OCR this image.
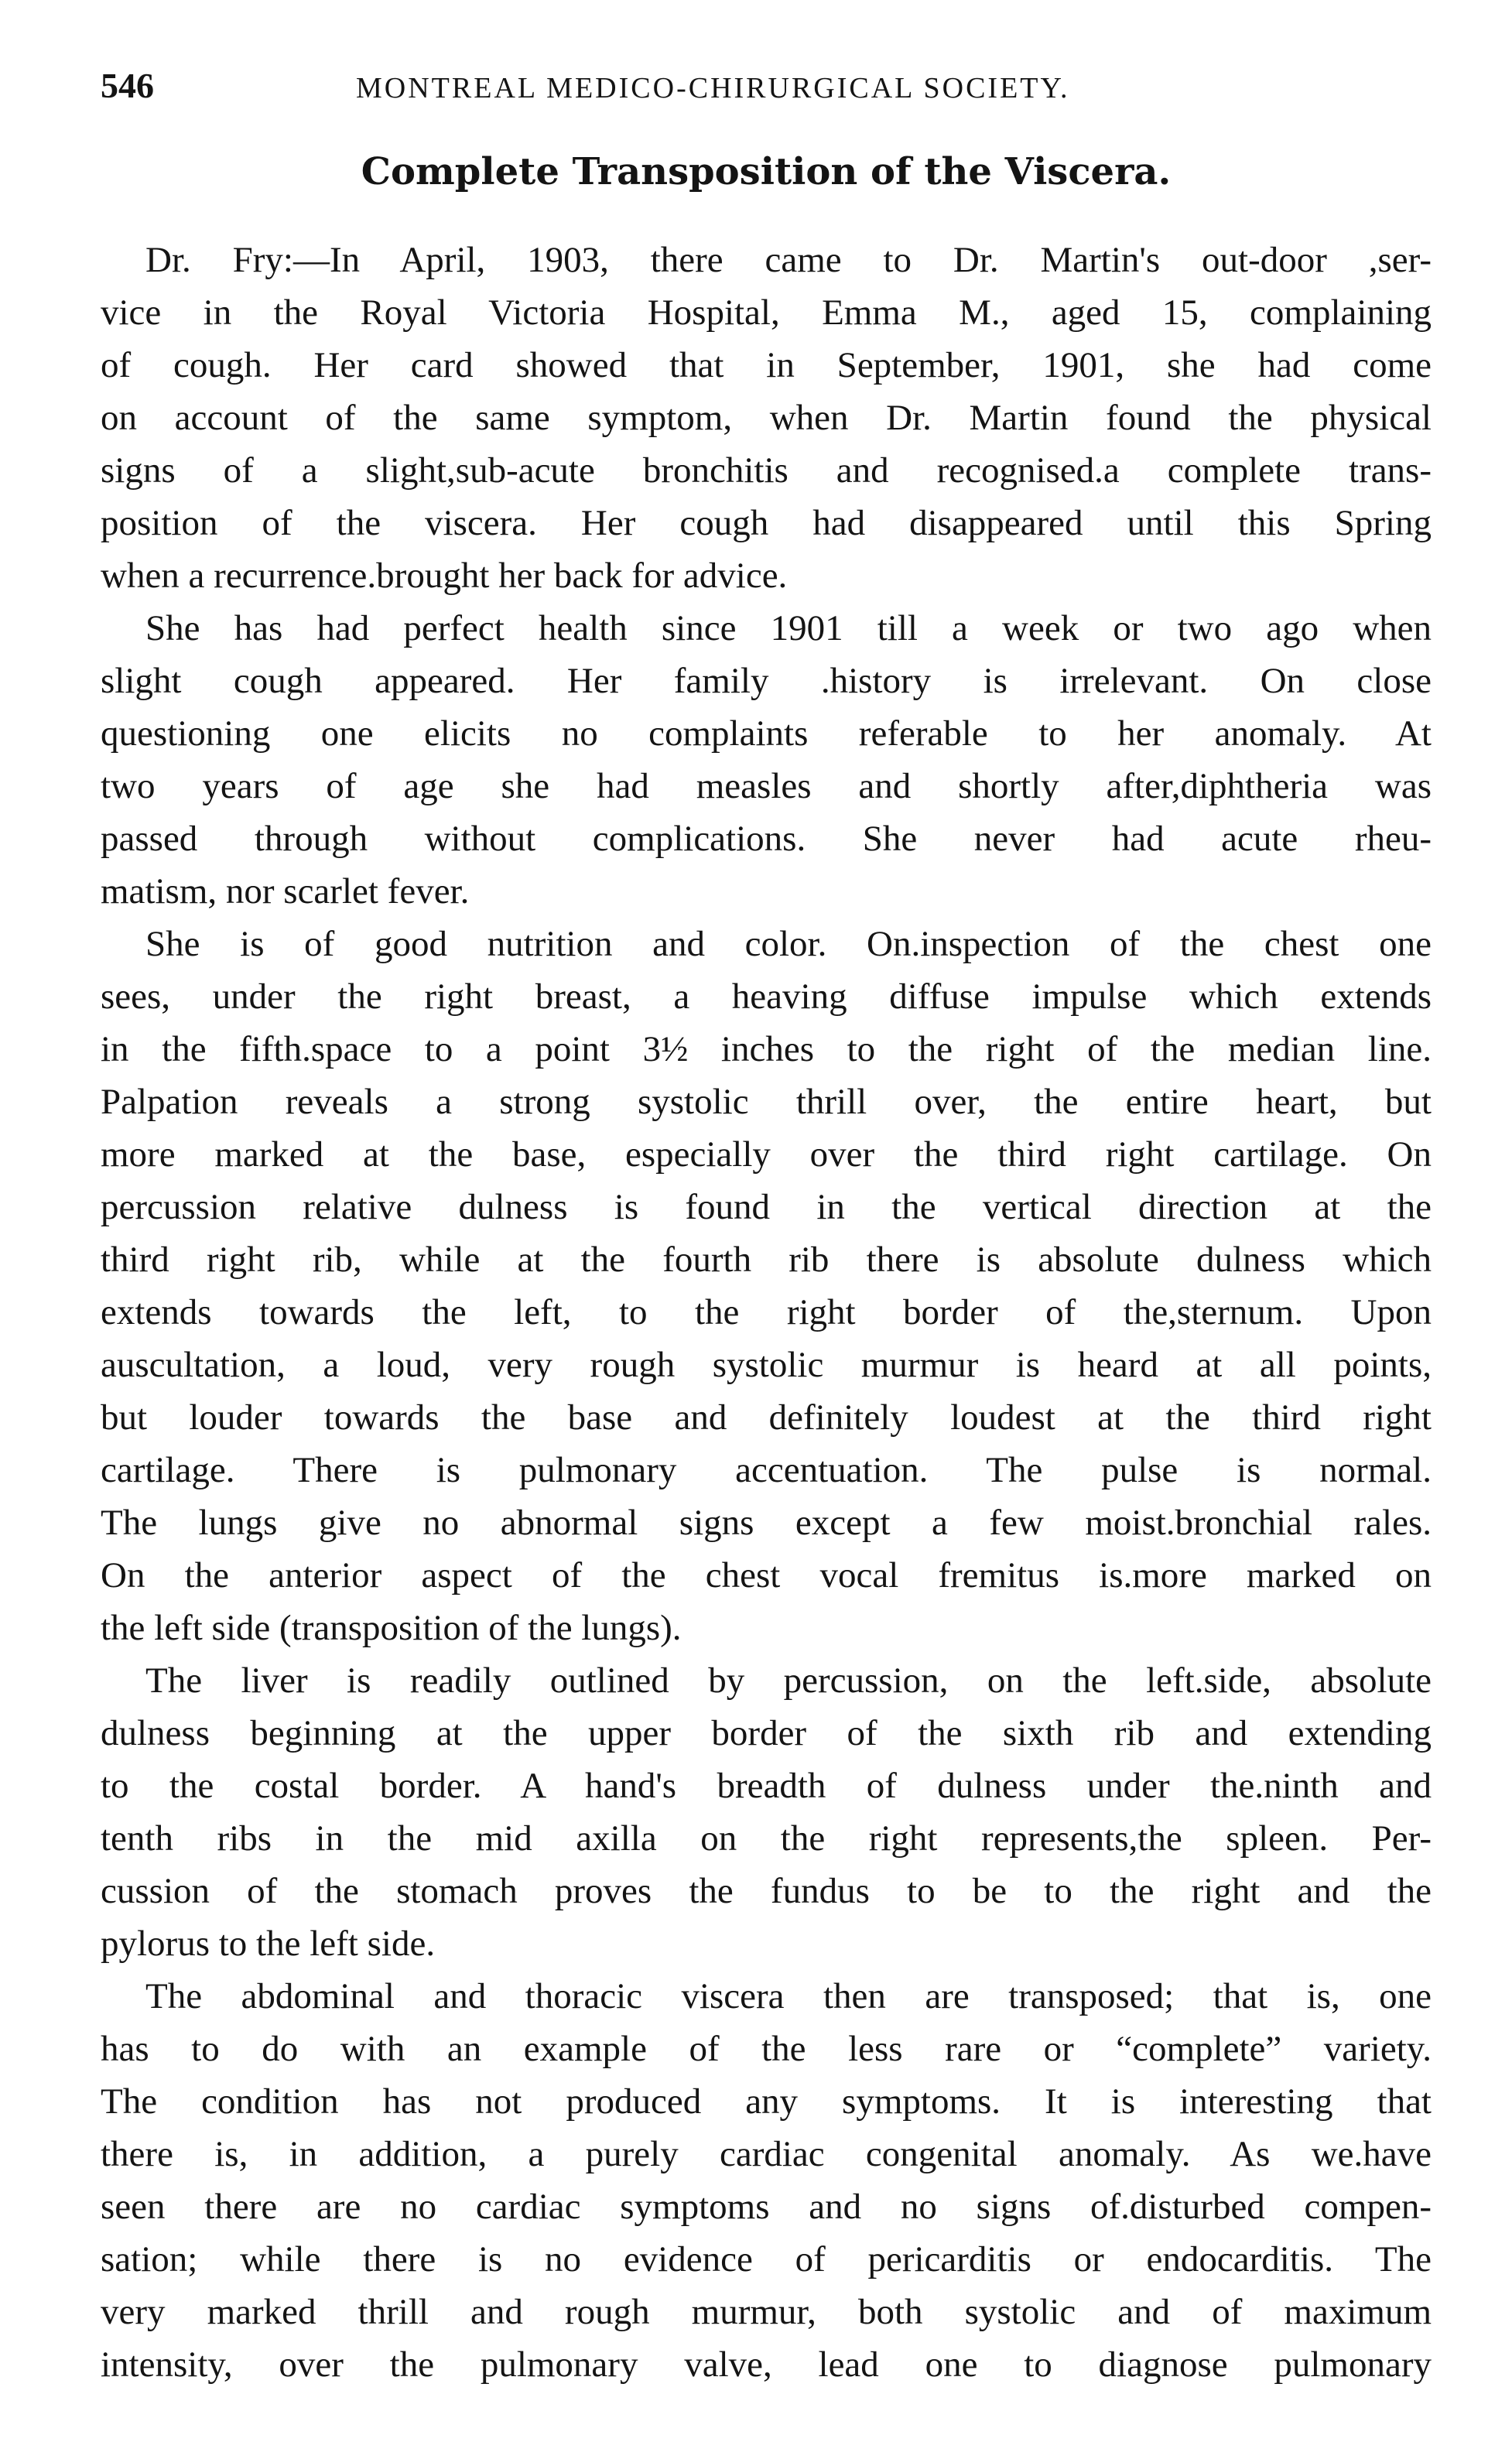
546	MONTREAL MEDICO-CHIRURGICAL SOCIETY.
Complete Transposition of the Viscera.
Dr. Fry:—In April, 1903, there came to Dr. Martin's out-door ,ser-
vice in the Royal Victoria Hospital, Emma M., aged 15, complaining
of cough. Her card showed that in September, 1901, she had come
on account of the same symptom, when Dr. Martin found the physical
signs of a slight,sub-acute bronchitis and recognised.a complete trans-
position of the viscera. Her cough had disappeared until this Spring
when a recurrence.brought her back for advice.
She has had perfect health since 1901 till a week or two ago when
slight cough appeared. Her family .history is irrelevant. On close
questioning one elicits no complaints referable to her anomaly. At
two years of age she had measles and shortly after,diphtheria was
passed through without complications. She never had acute rheu-
matism, nor scarlet fever.
She is of good nutrition and color. On.inspection of the chest one
sees, under the right breast, a heaving diffuse impulse which extends
in the fifth.space to a point 3½ inches to the right of the median line.
Palpation reveals a strong systolic thrill over, the entire heart, but
more marked at the base, especially over the third right cartilage. On
percussion relative dulness is found in the vertical direction at the
third right rib, while at the fourth rib there is absolute dulness which
extends towards the left, to the right border of the,sternum. Upon
auscultation, a loud, very rough systolic murmur is heard at all points,
but louder towards the base and definitely loudest at the third right
cartilage. There is pulmonary accentuation. The pulse is normal.
The lungs give no abnormal signs except a few moist.bronchial rales.
On the anterior aspect of the chest vocal fremitus is.more marked on
the left side (transposition of the lungs).
The liver is readily outlined by percussion, on the left.side, absolute
dulness beginning at the upper border of the sixth rib and extending
to the costal border. A hand's breadth of dulness under the.ninth and
tenth ribs in the mid axilla on the right represents,the spleen. Per-
cussion of the stomach proves the fundus to be to the right and the
pylorus to the left side.
The abdominal and thoracic viscera then are transposed; that is, one
has to do with an example of the less rare or “complete” variety.
The condition has not produced any symptoms. It is interesting that
there is, in addition, a purely cardiac congenital anomaly. As we.have
seen there are no cardiac symptoms and no signs of.disturbed compen-
sation; while there is no evidence of pericarditis or endocarditis. The
very marked thrill and rough murmur, both systolic and of maximum
intensity, over the pulmonary valve, lead one to diagnose pulmonary
